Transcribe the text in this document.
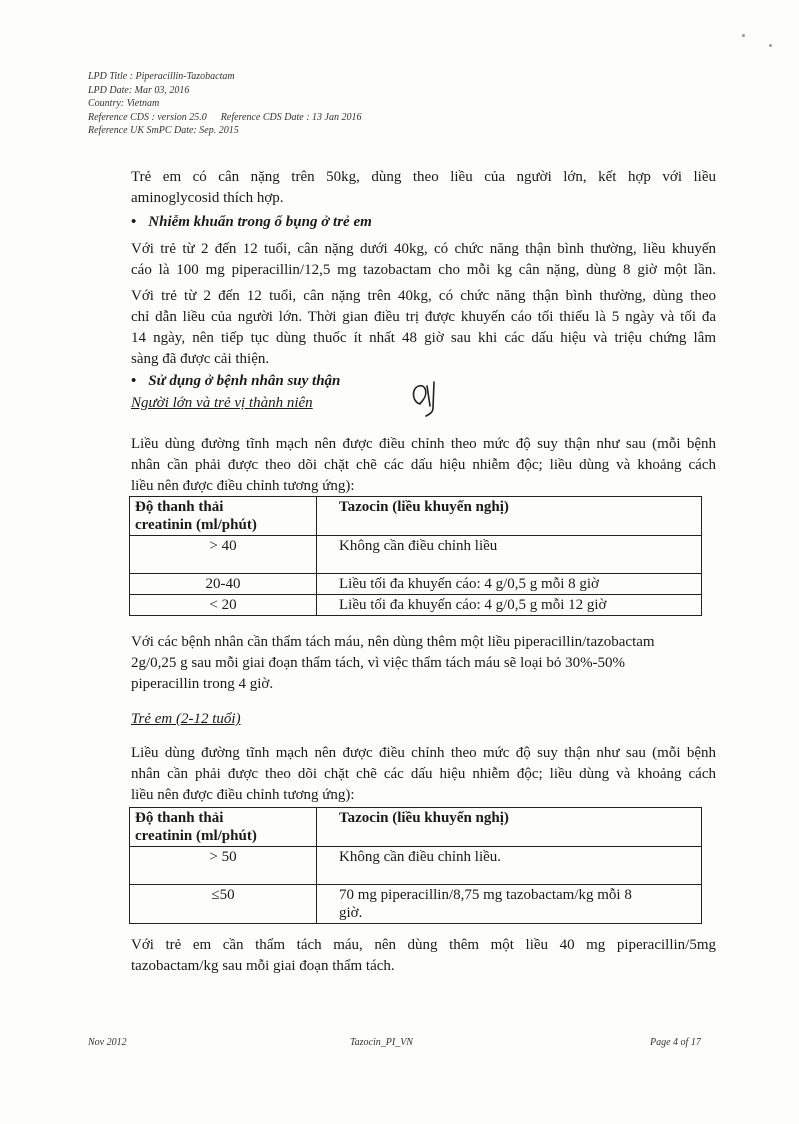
LPD Title : Piperacillin-Tazobactam
LPD Date: Mar 03, 2016
Country: Vietnam
Reference CDS : version 25.0 Reference CDS Date : 13 Jan 2016
Reference UK SmPC Date: Sep. 2015
Trẻ em có cân nặng trên 50kg, dùng theo liều của người lớn, kết hợp với liều
aminoglycosid thích hợp.
• Nhiễm khuẩn trong ổ bụng ở trẻ em
Với trẻ từ 2 đến 12 tuổi, cân nặng dưới 40kg, có chức năng thận bình thường, liều khuyến
cáo là 100 mg piperacillin/12,5 mg tazobactam cho mỗi kg cân nặng, dùng 8 giờ một lần.
Với trẻ từ 2 đến 12 tuổi, cân nặng trên 40kg, có chức năng thận bình thường, dùng theo
chỉ dẫn liều của người lớn. Thời gian điều trị được khuyến cáo tối thiểu là 5 ngày và tối đa
14 ngày, nên tiếp tục dùng thuốc ít nhất 48 giờ sau khi các dấu hiệu và triệu chứng lâm
sàng đã được cải thiện.
• Sử dụng ở bệnh nhân suy thận
Người lớn và trẻ vị thành niên
Liều dùng đường tĩnh mạch nên được điều chỉnh theo mức độ suy thận như sau (mỗi bệnh
nhân cần phải được theo dõi chặt chẽ các dấu hiệu nhiễm độc; liều dùng và khoảng cách
liều nên được điều chỉnh tương ứng):
Độ thanh thải
creatinin (ml/phút)	Tazocin (liều khuyến nghị)
> 40	Không cần điều chỉnh liều
20-40	Liều tối đa khuyến cáo: 4 g/0,5 g mỗi 8 giờ
< 20	Liều tối đa khuyến cáo: 4 g/0,5 g mỗi 12 giờ
Với các bệnh nhân cần thẩm tách máu, nên dùng thêm một liều piperacillin/tazobactam
2g/0,25 g sau mỗi giai đoạn thẩm tách, vì việc thẩm tách máu sẽ loại bỏ 30%-50%
piperacillin trong 4 giờ.
Trẻ em (2-12 tuổi)
Liều dùng đường tĩnh mạch nên được điều chỉnh theo mức độ suy thận như sau (mỗi bệnh
nhân cần phải được theo dõi chặt chẽ các dấu hiệu nhiễm độc; liều dùng và khoảng cách
liều nên được điều chỉnh tương ứng):
Độ thanh thải
creatinin (ml/phút)	Tazocin (liều khuyến nghị)
> 50	Không cần điều chỉnh liều.
≤50	70 mg piperacillin/8,75 mg tazobactam/kg mỗi 8
giờ.
Với trẻ em cần thẩm tách máu, nên dùng thêm một liều 40 mg piperacillin/5mg
tazobactam/kg sau mỗi giai đoạn thẩm tách.
Nov 2012	Tazocin_PI_VN	Page 4 of 17
